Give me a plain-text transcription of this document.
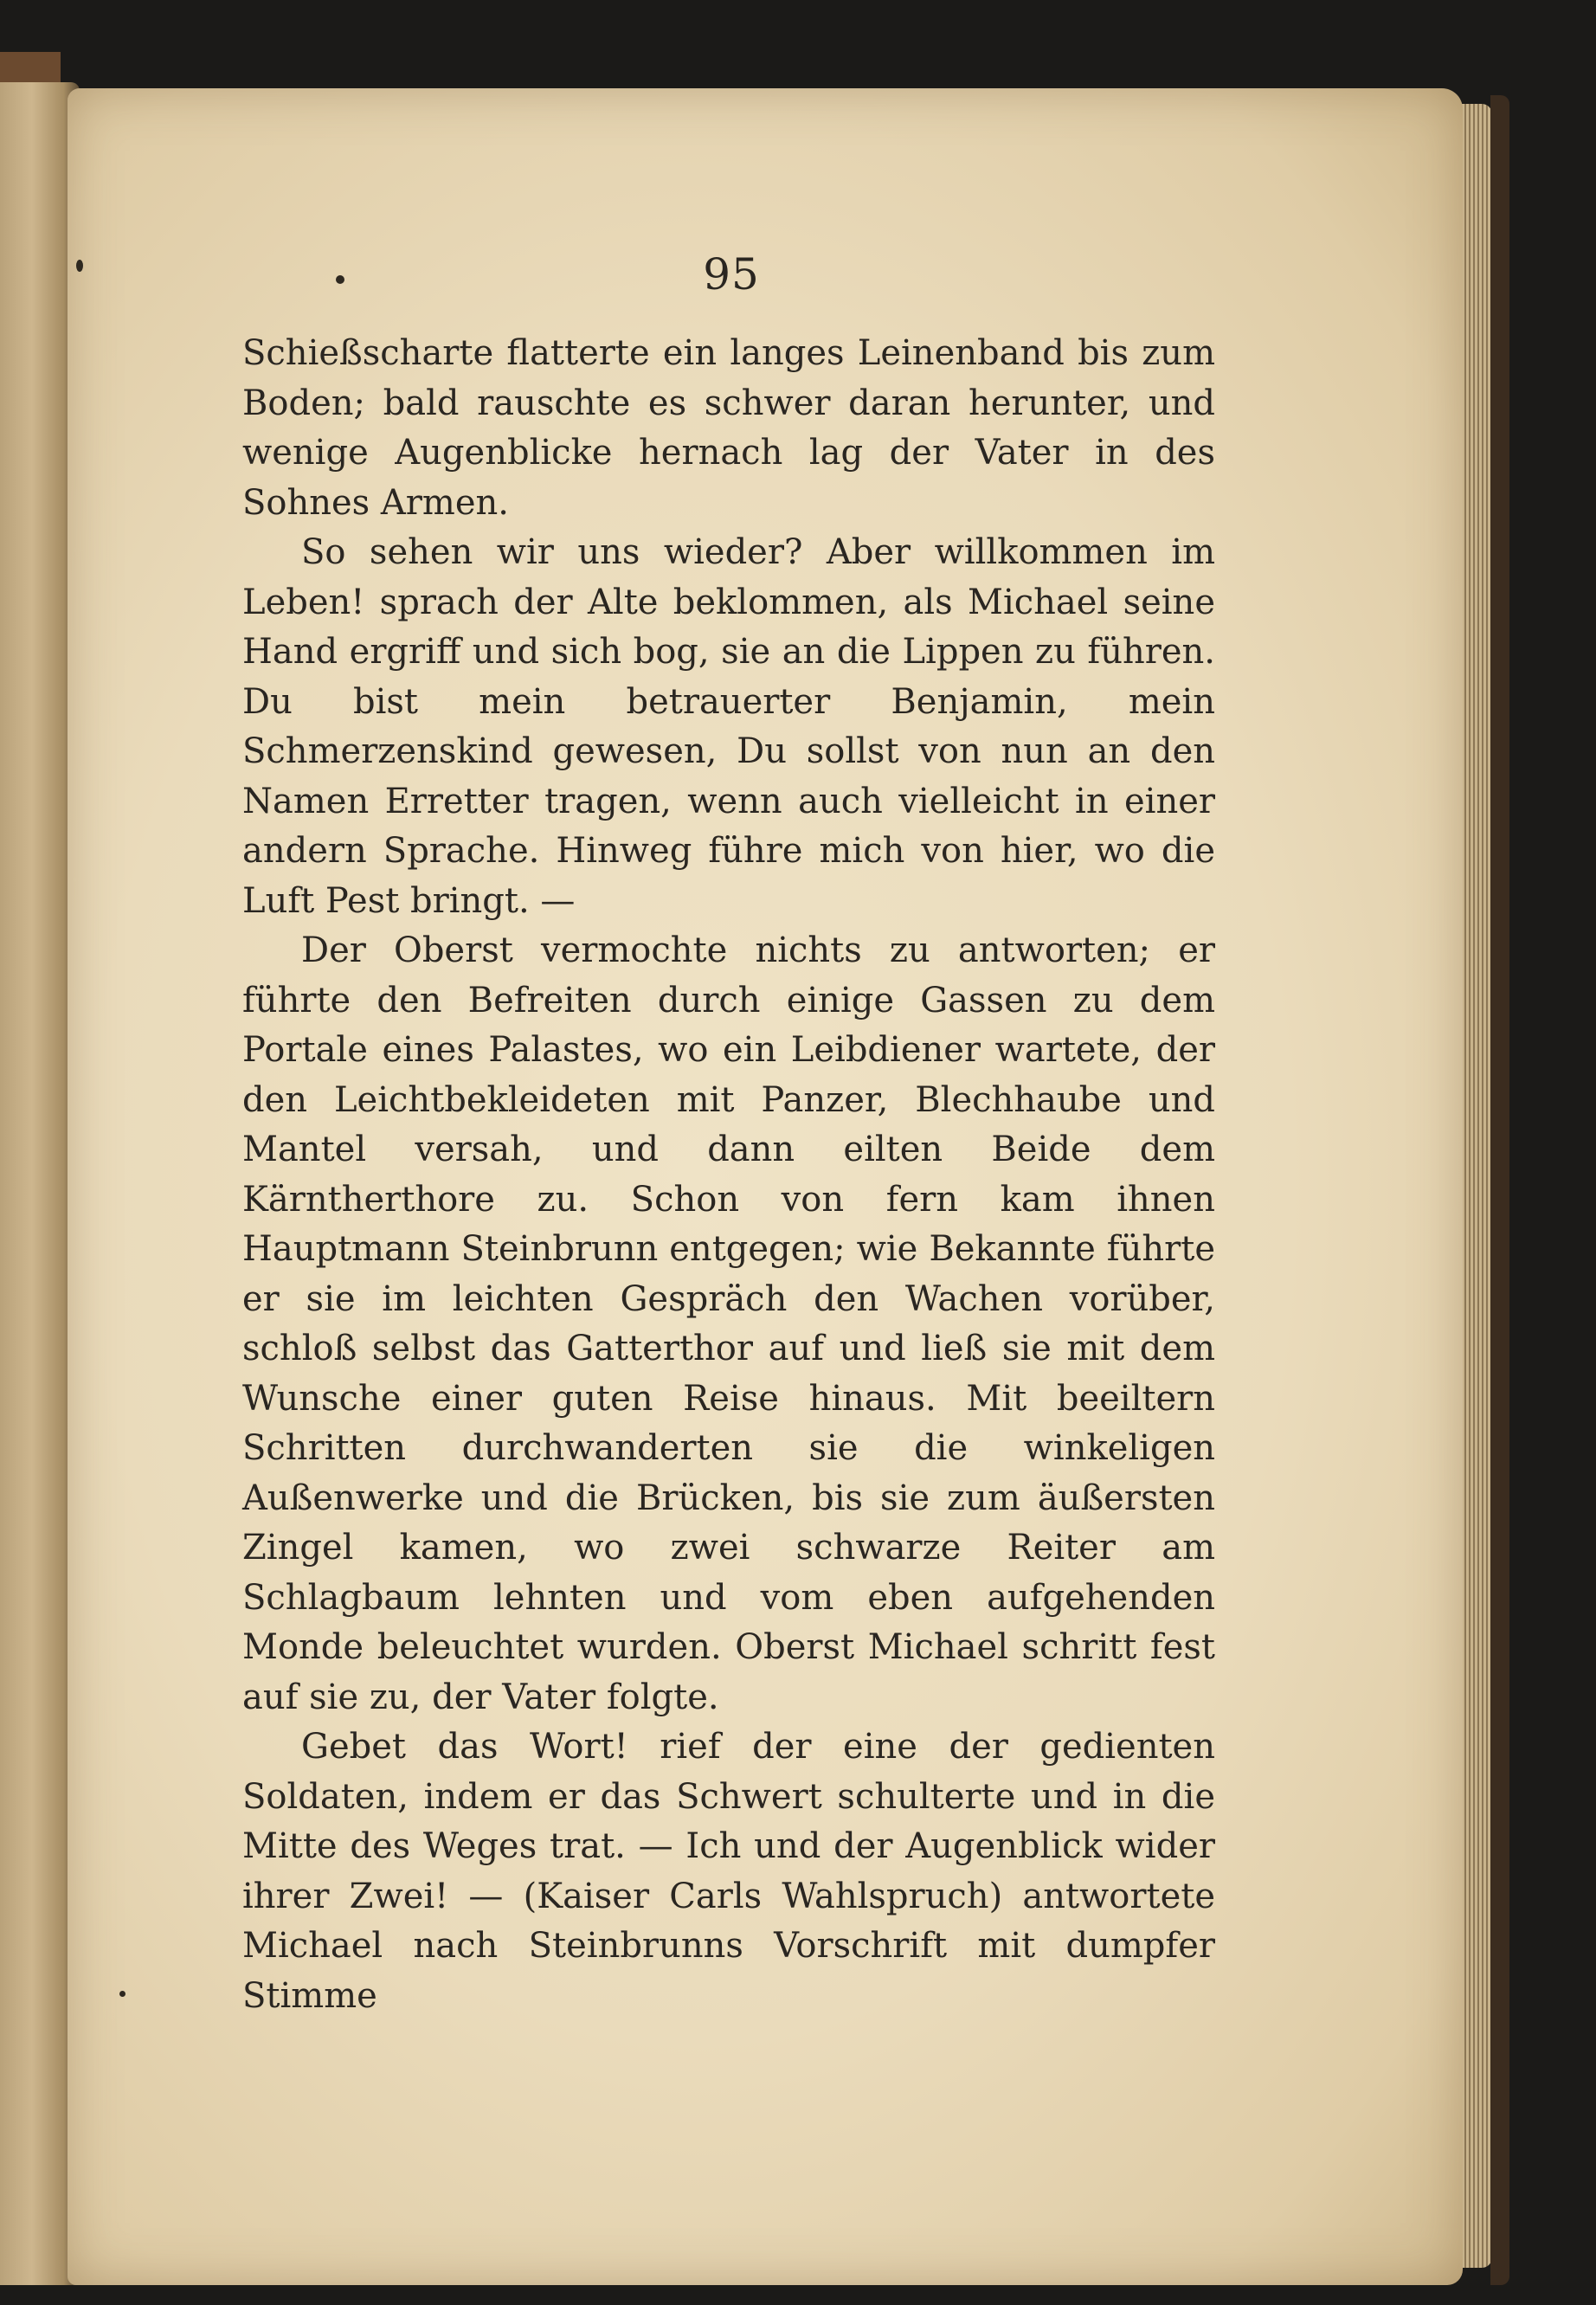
95

Schießscharte flatterte ein langes Leinenband bis zum Boden; bald rauschte es schwer daran herunter, und wenige Augenblicke hernach lag der Vater in des Sohnes Armen.

So sehen wir uns wieder? Aber willkommen im Leben! sprach der Alte beklommen, als Michael seine Hand ergriff und sich bog, sie an die Lippen zu führen. Du bist mein betrauerter Benjamin, mein Schmerzenskind gewesen, Du sollst von nun an den Namen Erretter tragen, wenn auch vielleicht in einer andern Sprache. Hinweg führe mich von hier, wo die Luft Pest bringt. —

Der Oberst vermochte nichts zu antworten; er führte den Befreiten durch einige Gassen zu dem Portale eines Palastes, wo ein Leibdiener wartete, der den Leichtbekleideten mit Panzer, Blechhaube und Mantel versah, und dann eilten Beide dem Kärntherthore zu. Schon von fern kam ihnen Hauptmann Steinbrunn entgegen; wie Bekannte führte er sie im leichten Gespräch den Wachen vorüber, schloß selbst das Gatterthor auf und ließ sie mit dem Wunsche einer guten Reise hinaus. Mit beeiltern Schritten durchwanderten sie die winkeligen Außenwerke und die Brücken, bis sie zum äußersten Zingel kamen, wo zwei schwarze Reiter am Schlagbaum lehnten und vom eben aufgehenden Monde beleuchtet wurden. Oberst Michael schritt fest auf sie zu, der Vater folgte.

Gebet das Wort! rief der eine der gedienten Soldaten, indem er das Schwert schulterte und in die Mitte des Weges trat. — Ich und der Augenblick wider ihrer Zwei! — (Kaiser Carls Wahlspruch) antwortete Michael nach Steinbrunns Vorschrift mit dumpfer Stimme
